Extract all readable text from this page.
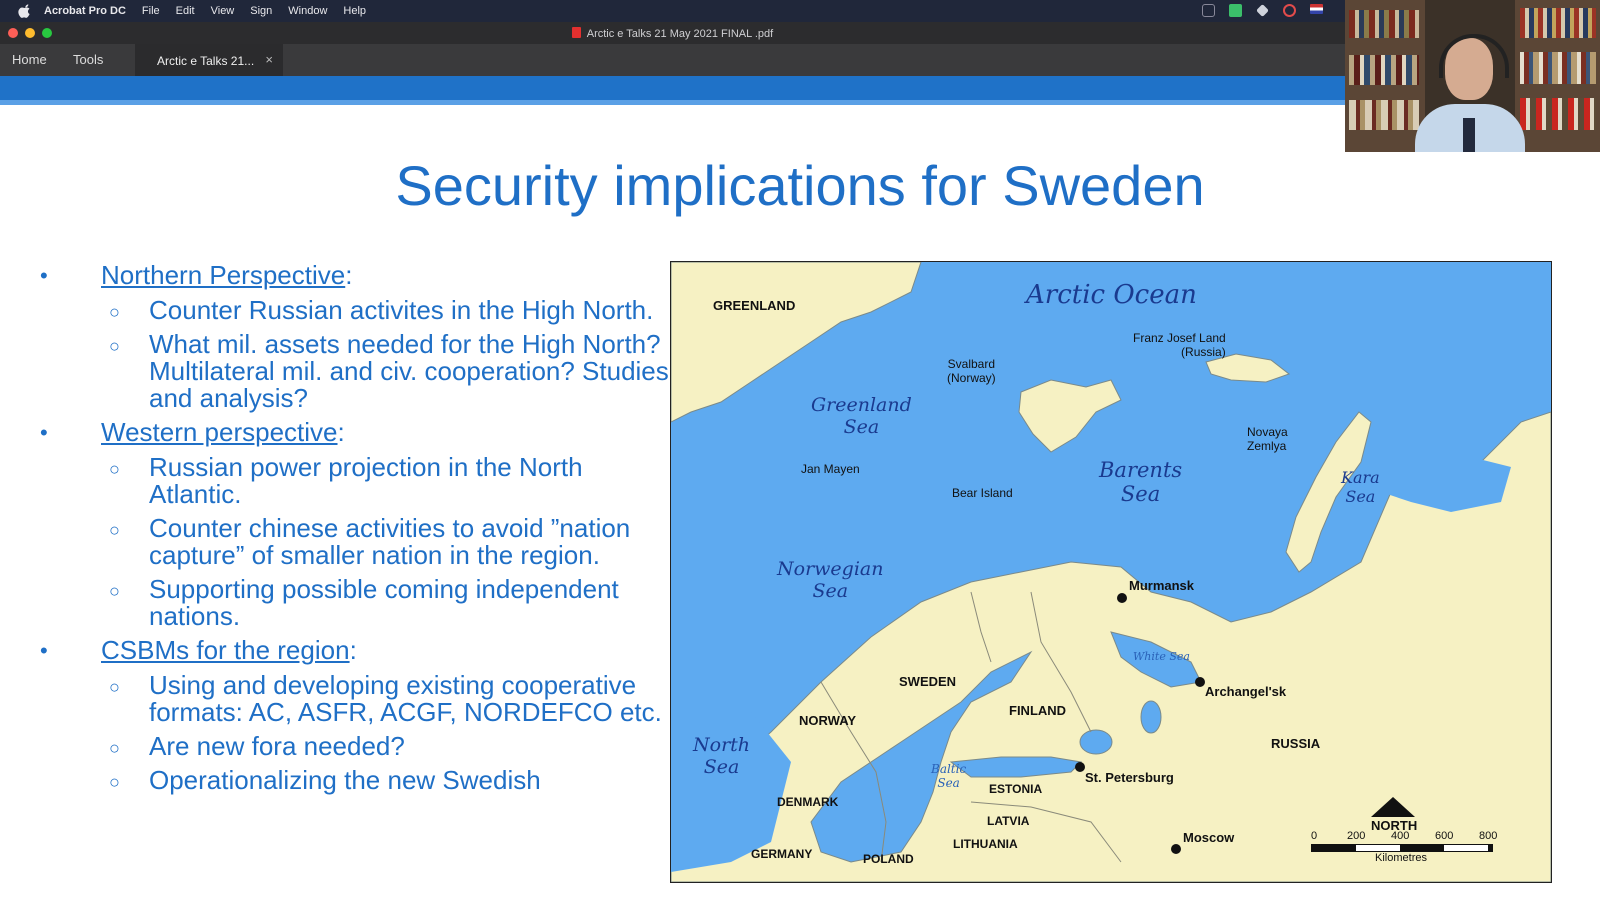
Acrobat Pro DC File Edit View Sign Window Help
Arctic e Talks 21 May 2021 FINAL .pdf
Home Tools	Arctic e Talks 21... ×
Security implications for Sweden
• Northern Perspective:
○ Counter Russian activites in the High North.
○ What mil. assets needed for the High North? Multilateral mil. and civ. cooperation? Studies and analysis?
• Western perspective:
○ Russian power projection in the North Atlantic.
○ Counter chinese activities to avoid ”nation capture” of smaller nation in the region.
○ Supporting possible coming independent nations.
• CSBMs for the region:
○ Using and developing existing cooperative formats: AC, ASFR, ACGF, NORDEFCO etc.
○ Are new fora needed?
○ Operationalizing the new Swedish
Arctic Ocean
GREENLAND
Greenland
Sea
Barents
Sea
Norwegian
Sea
Kara
Sea
North
Sea
White Sea
Baltic
Sea
Svalbard
(Norway)
Franz Josef Land
(Russia)
Novaya
Zemlya
Jan Mayen
Bear Island
SWEDEN
NORWAY
FINLAND
RUSSIA
ESTONIA
LATVIA
LITHUANIA
DENMARK
GERMANY	POLAND
Murmansk
Archangel'sk
St. Petersburg
Moscow
NORTH
0	200 400 600 800
Kilometres
